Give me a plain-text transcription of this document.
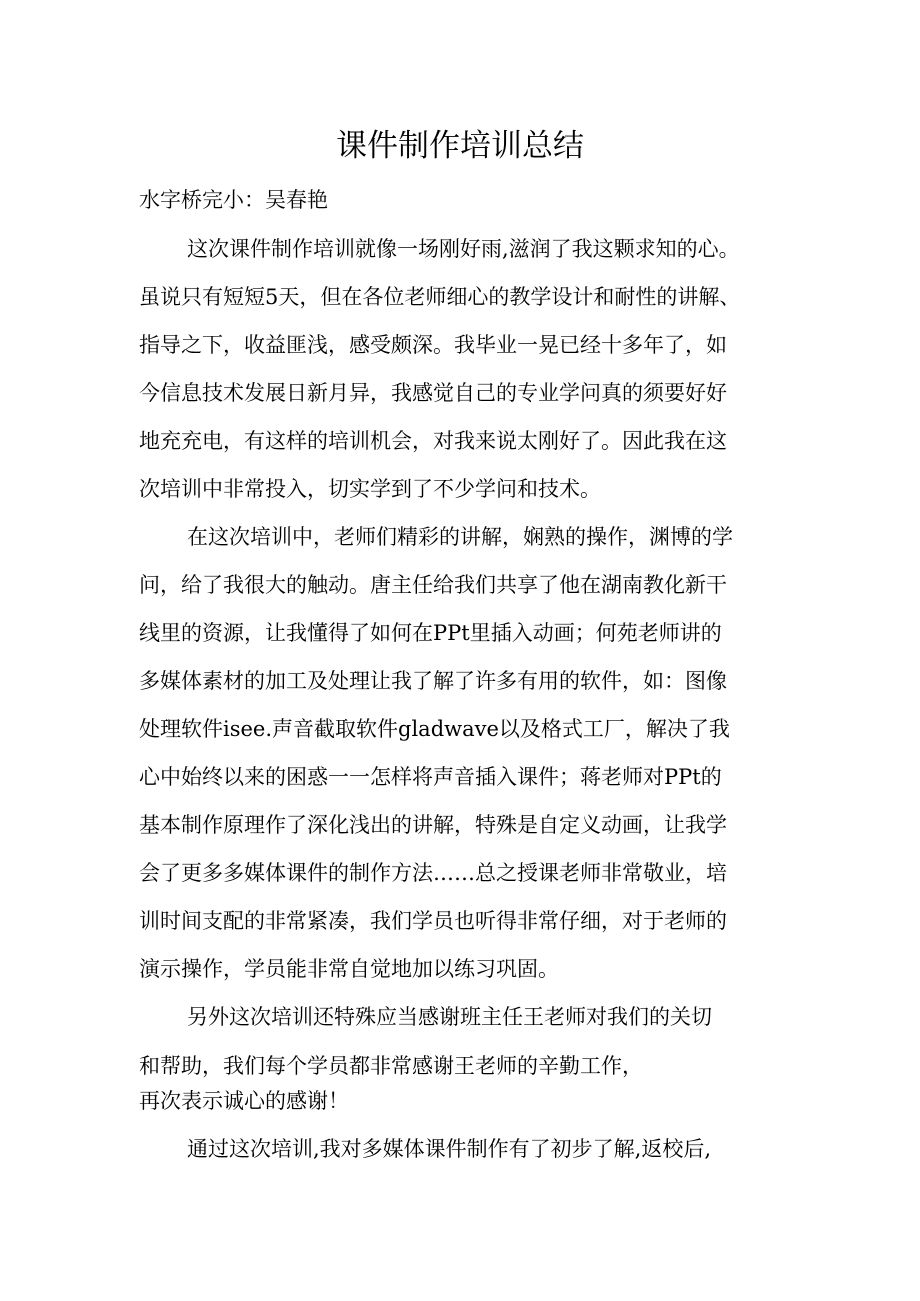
课件制作培训总结
水字桥完小：吴春艳
这次课件制作培训就像一场刚好雨,滋润了我这颗求知的心。
虽说只有短短5天，但在各位老师细心的教学设计和耐性的讲解、
指导之下，收益匪浅，感受颇深。我毕业一晃已经十多年了，如
今信息技术发展日新月异，我感觉自己的专业学问真的须要好好
地充充电，有这样的培训机会，对我来说太刚好了。因此我在这
次培训中非常投入，切实学到了不少学问和技术。
在这次培训中，老师们精彩的讲解，娴熟的操作，渊博的学
问，给了我很大的触动。唐主任给我们共享了他在湖南教化新干
线里的资源，让我懂得了如何在PPt里插入动画；何苑老师讲的
多媒体素材的加工及处理让我了解了许多有用的软件，如：图像
处理软件isee.声音截取软件gladwave以及格式工厂，解决了我
心中始终以来的困惑一一怎样将声音插入课件；蒋老师对PPt的
基本制作原理作了深化浅出的讲解，特殊是自定义动画，让我学
会了更多多媒体课件的制作方法……总之授课老师非常敬业，培
训时间支配的非常紧凑，我们学员也听得非常仔细，对于老师的
演示操作，学员能非常自觉地加以练习巩固。
另外这次培训还特殊应当感谢班主任王老师对我们的关切
和帮助，我们每个学员都非常感谢王老师的辛勤工作，
再次表示诚心的感谢！
通过这次培训,我对多媒体课件制作有了初步了解,返校后,
